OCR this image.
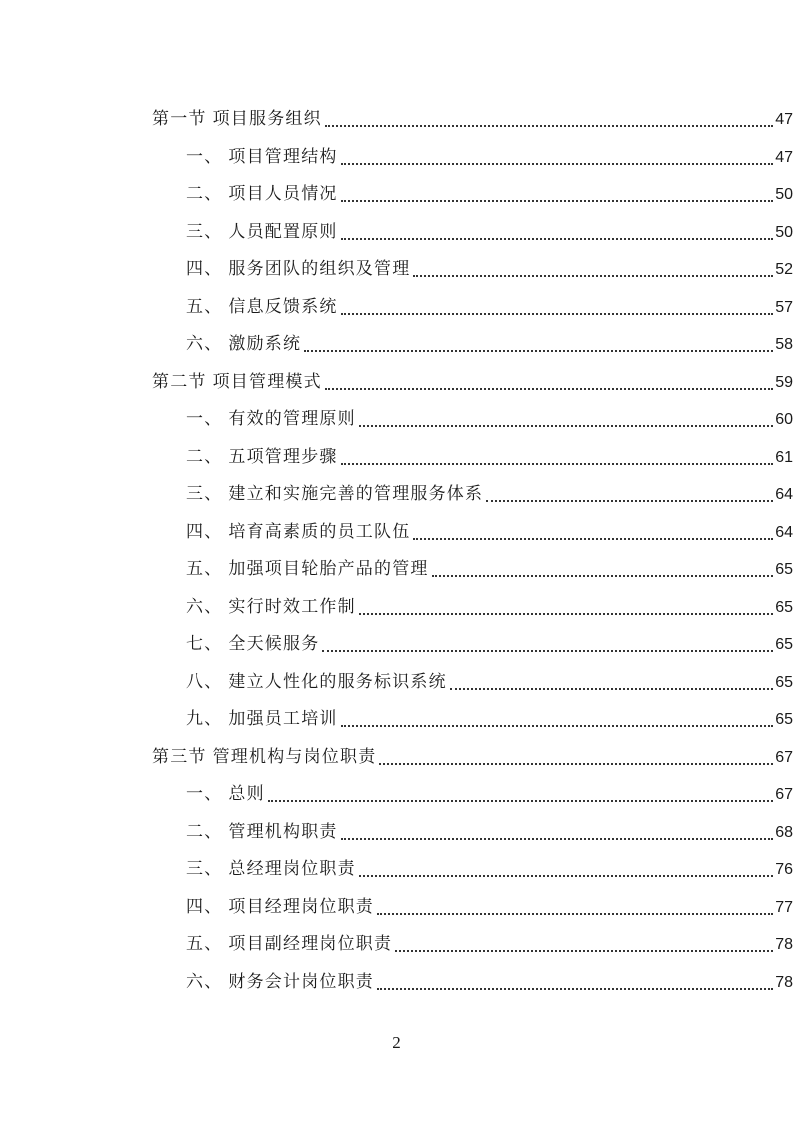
第一节 项目服务组织	47
一、 项目管理结构	47
二、 项目人员情况	50
三、 人员配置原则	50
四、 服务团队的组织及管理	52
五、 信息反馈系统	57
六、 激励系统	58
第二节 项目管理模式	59
一、 有效的管理原则	60
二、 五项管理步骤	61
三、 建立和实施完善的管理服务体系	64
四、 培育高素质的员工队伍	64
五、 加强项目轮胎产品的管理	65
六、 实行时效工作制	65
七、 全天候服务	65
八、 建立人性化的服务标识系统	65
九、 加强员工培训	65
第三节 管理机构与岗位职责	67
一、 总则	67
二、 管理机构职责	68
三、 总经理岗位职责	76
四、 项目经理岗位职责	77
五、 项目副经理岗位职责	78
六、 财务会计岗位职责	78
2
